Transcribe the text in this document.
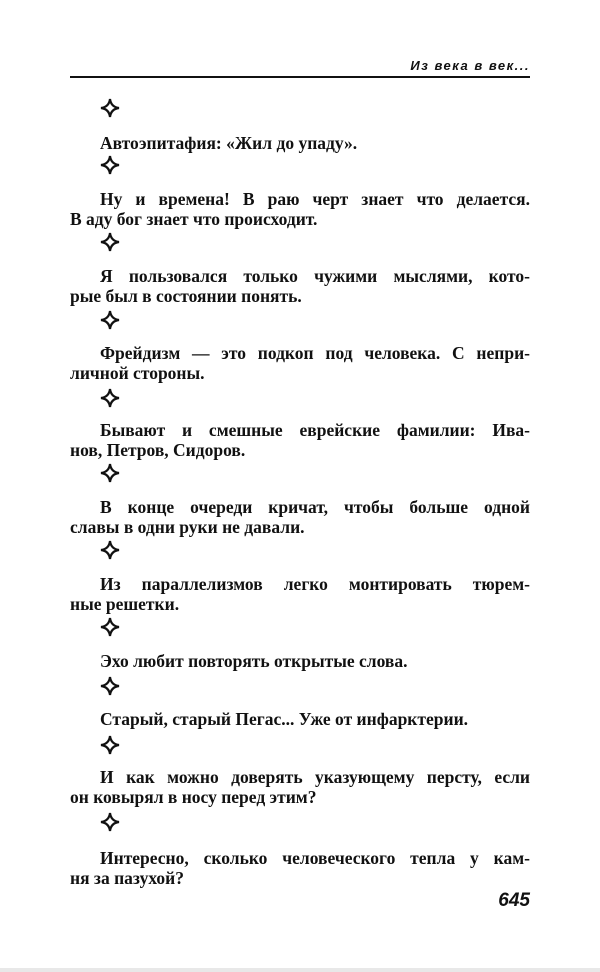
Из века в век...
Автоэпитафия: «Жил до упаду».
Ну и времена! В раю черт знает что делается.
В аду бог знает что происходит.
Я пользовался только чужими мыслями, кото-
рые был в состоянии понять.
Фрейдизм — это подкоп под человека. С непри-
личной стороны.
Бывают и смешные еврейские фамилии: Ива-
нов, Петров, Сидоров.
В конце очереди кричат, чтобы больше одной
славы в одни руки не давали.
Из параллелизмов легко монтировать тюрем-
ные решетки.
Эхо любит повторять открытые слова.
Старый, старый Пегас... Уже от инфарктерии.
И как можно доверять указующему персту, если
он ковырял в носу перед этим?
Интересно, сколько человеческого тепла у кам-
ня за пазухой?
645
